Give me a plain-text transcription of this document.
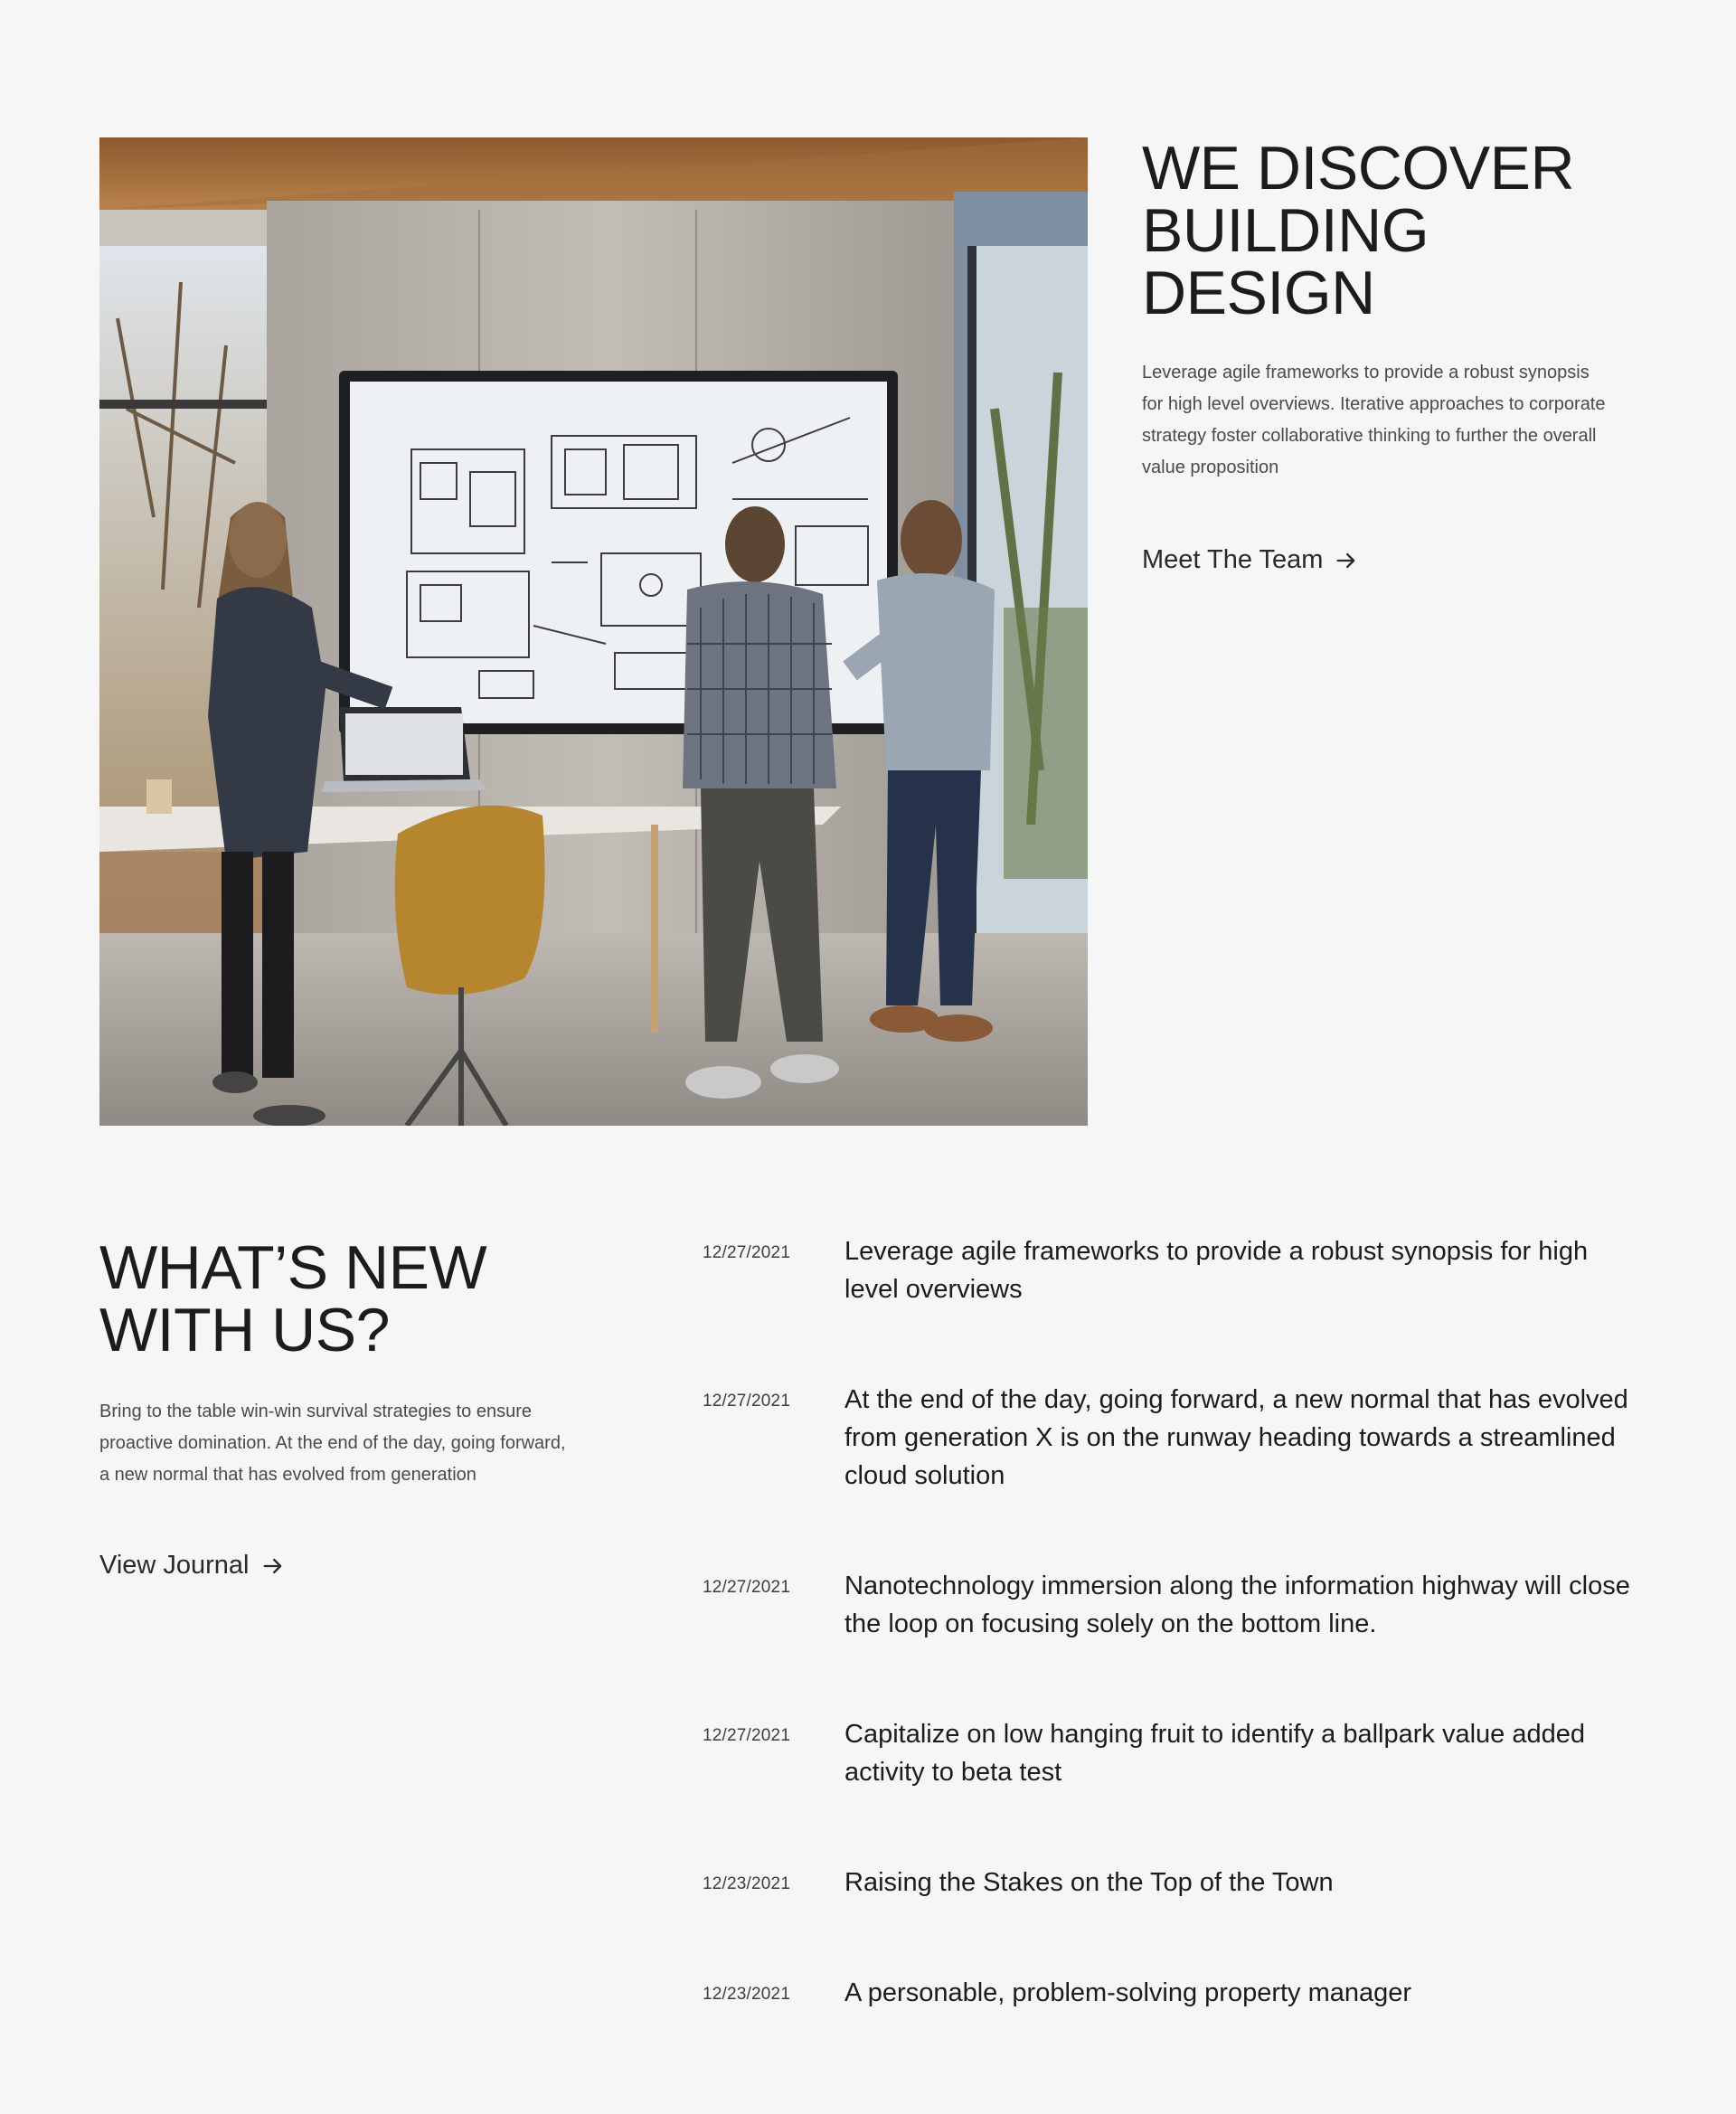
WE DISCOVER
BUILDING
DESIGN

Leverage agile frameworks to provide a robust synopsis for high level overviews. Iterative approaches to corporate strategy foster collaborative thinking to further the overall value proposition

Meet The Team
WHAT’S NEW
WITH US?

Bring to the table win-win survival strategies to ensure proactive domination. At the end of the day, going forward, a new normal that has evolved from generation

View Journal
12/27/2021	Leverage agile frameworks to provide a robust synopsis for high level overviews
12/27/2021	At the end of the day, going forward, a new normal that has evolved from generation X is on the runway heading towards a streamlined cloud solution
12/27/2021	Nanotechnology immersion along the information highway will close the loop on focusing solely on the bottom line.
12/27/2021	Capitalize on low hanging fruit to identify a ballpark value added activity to beta test
12/23/2021	Raising the Stakes on the Top of the Town
12/23/2021	A personable, problem-solving property manager
